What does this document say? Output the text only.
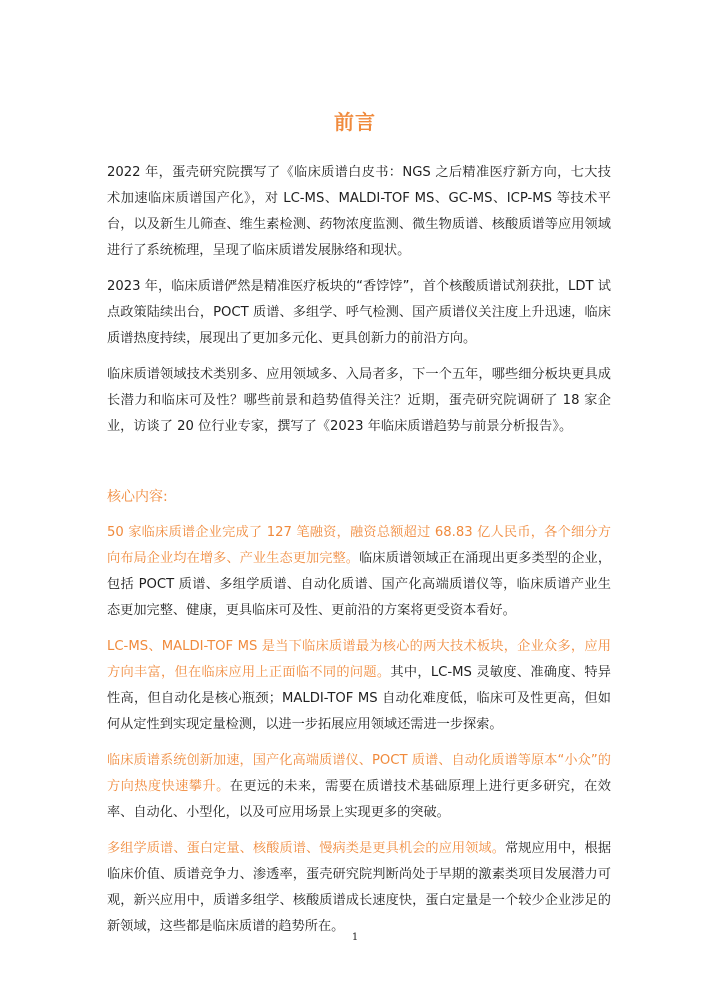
前言

2022 年，蛋壳研究院撰写了《临床质谱白皮书：NGS 之后精准医疗新方向，七大技术加速临床质谱国产化》，对 LC-MS、MALDI-TOF MS、GC-MS、ICP-MS 等技术平台，以及新生儿筛查、维生素检测、药物浓度监测、微生物质谱、核酸质谱等应用领域进行了系统梳理，呈现了临床质谱发展脉络和现状。

2023 年，临床质谱俨然是精准医疗板块的“香饽饽”，首个核酸质谱试剂获批，LDT 试点政策陆续出台，POCT 质谱、多组学、呼气检测、国产质谱仪关注度上升迅速，临床质谱热度持续，展现出了更加多元化、更具创新力的前沿方向。

临床质谱领域技术类别多、应用领域多、入局者多，下一个五年，哪些细分板块更具成长潜力和临床可及性？哪些前景和趋势值得关注？近期，蛋壳研究院调研了 18 家企业，访谈了 20 位行业专家，撰写了《2023 年临床质谱趋势与前景分析报告》。

核心内容:

50 家临床质谱企业完成了 127 笔融资，融资总额超过 68.83 亿人民币，各个细分方向布局企业均在增多、产业生态更加完整。临床质谱领域正在涌现出更多类型的企业，包括 POCT 质谱、多组学质谱、自动化质谱、国产化高端质谱仪等，临床质谱产业生态更加完整、健康，更具临床可及性、更前沿的方案将更受资本看好。

LC-MS、MALDI-TOF MS 是当下临床质谱最为核心的两大技术板块，企业众多，应用方向丰富，但在临床应用上正面临不同的问题。其中，LC-MS 灵敏度、准确度、特异性高，但自动化是核心瓶颈；MALDI-TOF MS 自动化难度低，临床可及性更高，但如何从定性到实现定量检测，以进一步拓展应用领域还需进一步探索。

临床质谱系统创新加速，国产化高端质谱仪、POCT 质谱、自动化质谱等原本“小众”的方向热度快速攀升。在更远的未来，需要在质谱技术基础原理上进行更多研究，在效率、自动化、小型化，以及可应用场景上实现更多的突破。

多组学质谱、蛋白定量、核酸质谱、慢病类是更具机会的应用领域。常规应用中，根据临床价值、质谱竞争力、渗透率，蛋壳研究院判断尚处于早期的激素类项目发展潜力可观，新兴应用中，质谱多组学、核酸质谱成长速度快，蛋白定量是一个较少企业涉足的新领域，这些都是临床质谱的趋势所在。

1
